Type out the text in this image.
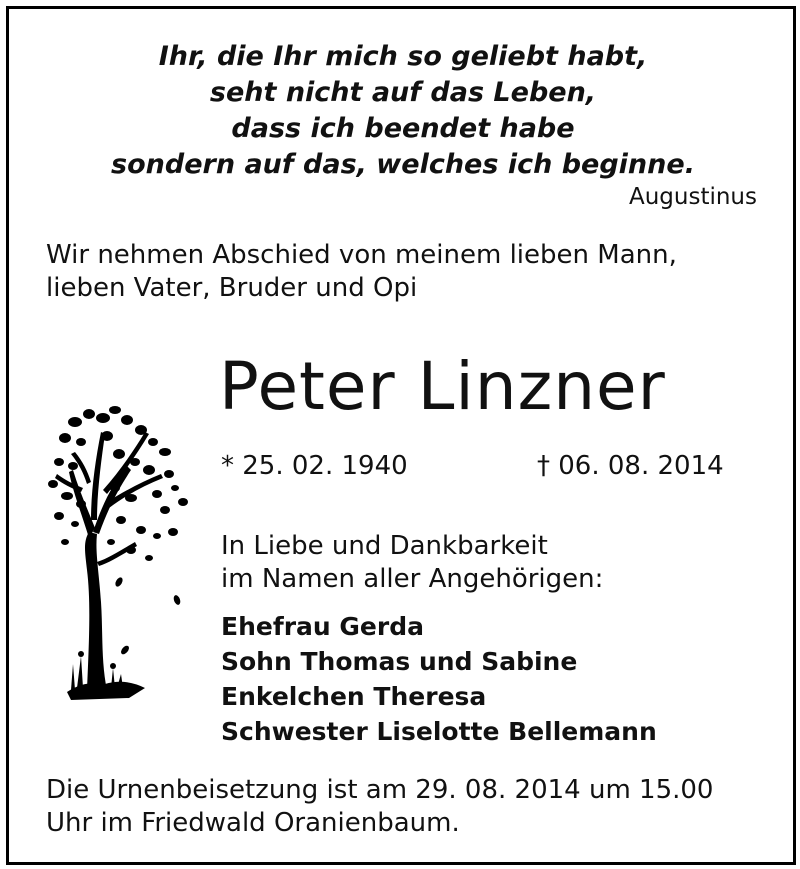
Ihr, die Ihr mich so geliebt habt,
seht nicht auf das Leben,
dass ich beendet habe
sondern auf das, welches ich beginne.
Augustinus
Wir nehmen Abschied von meinem lieben Mann,
lieben Vater, Bruder und Opi
Peter Linzner
* 25. 02. 1940	† 06. 08. 2014
In Liebe und Dankbarkeit
im Namen aller Angehörigen:
Ehefrau Gerda
Sohn Thomas und Sabine
Enkelchen Theresa
Schwester Liselotte Bellemann
Die Urnenbeisetzung ist am 29. 08. 2014 um 15.00
Uhr im Friedwald Oranienbaum.
